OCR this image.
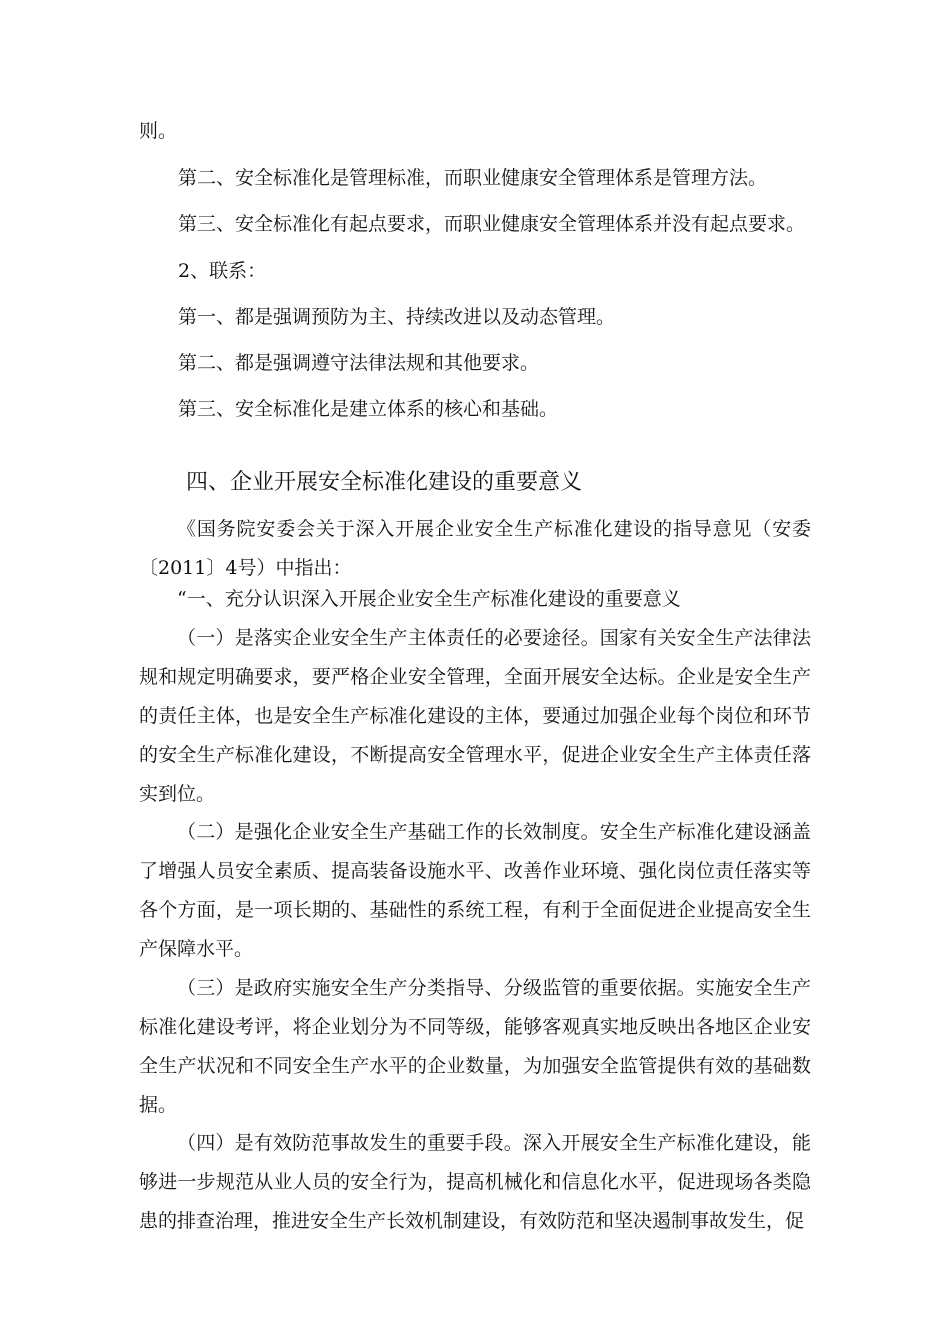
则。
第二、安全标准化是管理标准，而职业健康安全管理体系是管理方法。
第三、安全标准化有起点要求，而职业健康安全管理体系并没有起点要求。
2、联系：
第一、都是强调预防为主、持续改进以及动态管理。
第二、都是强调遵守法律法规和其他要求。
第三、安全标准化是建立体系的核心和基础。
四、企业开展安全标准化建设的重要意义

《国务院安委会关于深入开展企业安全生产标准化建设的指导意见（安委〔2011〕4号）中指出：

“一、充分认识深入开展企业安全生产标准化建设的重要意义

（一）是落实企业安全生产主体责任的必要途径。国家有关安全生产法律法规和规定明确要求，要严格企业安全管理，全面开展安全达标。企业是安全生产的责任主体，也是安全生产标准化建设的主体，要通过加强企业每个岗位和环节的安全生产标准化建设，不断提高安全管理水平，促进企业安全生产主体责任落实到位。

（二）是强化企业安全生产基础工作的长效制度。安全生产标准化建设涵盖了增强人员安全素质、提高装备设施水平、改善作业环境、强化岗位责任落实等各个方面，是一项长期的、基础性的系统工程，有利于全面促进企业提高安全生产保障水平。

（三）是政府实施安全生产分类指导、分级监管的重要依据。实施安全生产标准化建设考评，将企业划分为不同等级，能够客观真实地反映出各地区企业安全生产状况和不同安全生产水平的企业数量，为加强安全监管提供有效的基础数据。

（四）是有效防范事故发生的重要手段。深入开展安全生产标准化建设，能够进一步规范从业人员的安全行为，提高机械化和信息化水平，促进现场各类隐患的排查治理，推进安全生产长效机制建设，有效防范和坚决遏制事故发生，促
